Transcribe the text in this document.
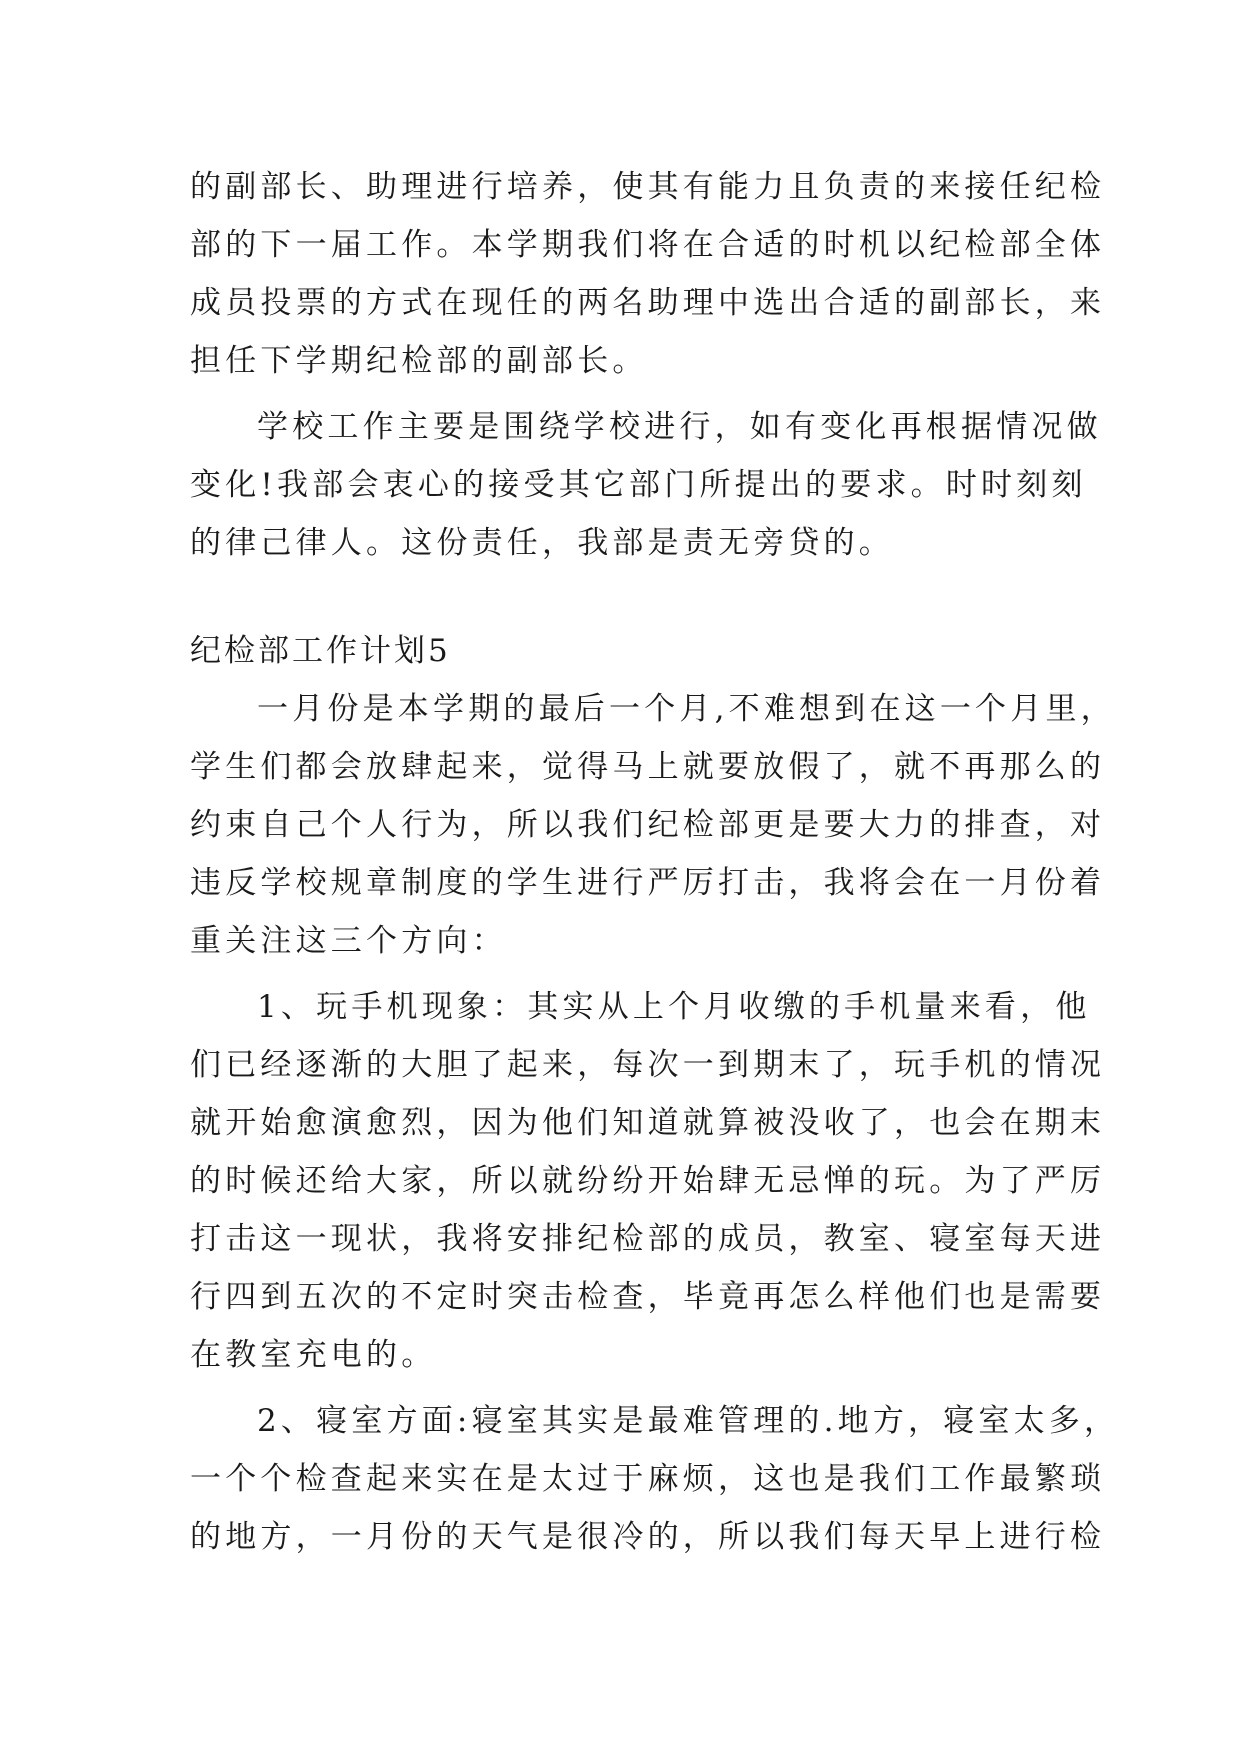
的副部长、助理进行培养，使其有能力且负责的来接任纪检
部的下一届工作。本学期我们将在合适的时机以纪检部全体
成员投票的方式在现任的两名助理中选出合适的副部长，来
担任下学期纪检部的副部长。
学校工作主要是围绕学校进行，如有变化再根据情况做
变化!我部会衷心的接受其它部门所提出的要求。时时刻刻
的律己律人。这份责任，我部是责无旁贷的。
纪检部工作计划5
一月份是本学期的最后一个月,不难想到在这一个月里，
学生们都会放肆起来，觉得马上就要放假了，就不再那么的
约束自己个人行为，所以我们纪检部更是要大力的排查，对
违反学校规章制度的学生进行严厉打击，我将会在一月份着
重关注这三个方向：
1、玩手机现象：其实从上个月收缴的手机量来看，他
们已经逐渐的大胆了起来，每次一到期末了，玩手机的情况
就开始愈演愈烈，因为他们知道就算被没收了，也会在期末
的时候还给大家，所以就纷纷开始肆无忌惮的玩。为了严厉
打击这一现状，我将安排纪检部的成员，教室、寝室每天进
行四到五次的不定时突击检查，毕竟再怎么样他们也是需要
在教室充电的。
2、寝室方面:寝室其实是最难管理的.地方，寝室太多，
一个个检查起来实在是太过于麻烦，这也是我们工作最繁琐
的地方，一月份的天气是很冷的，所以我们每天早上进行检
